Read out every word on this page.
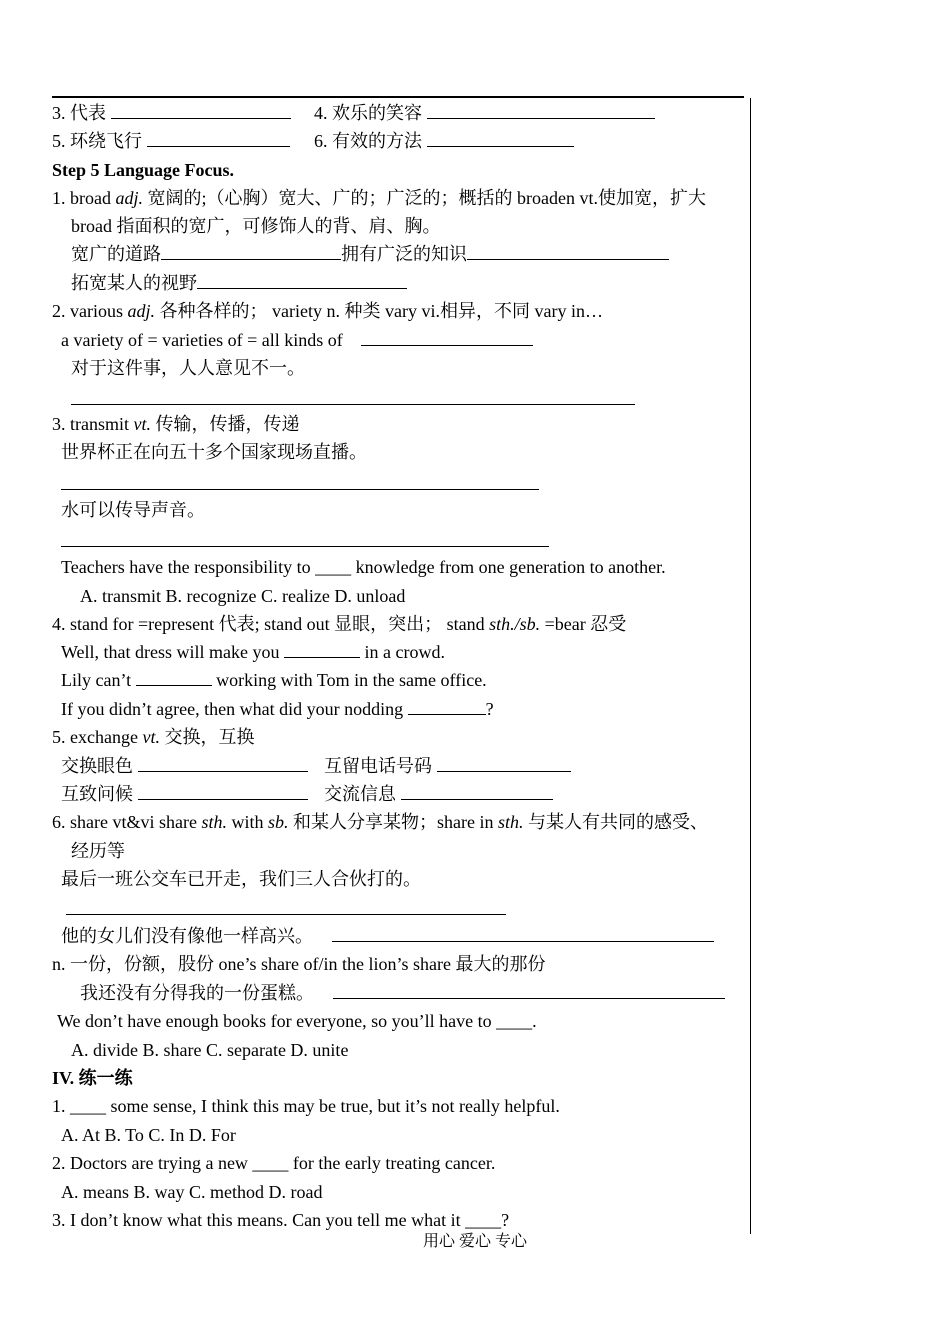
3. 代表	4. 欢乐的笑容
5. 环绕飞行	6. 有效的方法
Step 5 Language Focus.
1. broad adj. 宽阔的;（心胸）宽大、广的；广泛的；概括的 broaden vt.使加宽，扩大
broad 指面积的宽广，可修饰人的背、肩、胸。
宽广的道路	拥有广泛的知识
拓宽某人的视野
2. various adj. 各种各样的； variety n. 种类 vary vi.相异，不同 vary in…
a variety of = varieties of = all kinds of
对于这件事，人人意见不一。
3. transmit vt. 传输，传播，传递
世界杯正在向五十多个国家现场直播。
水可以传导声音。
Teachers have the responsibility to ____ knowledge from one generation to another.
A. transmit B. recognize C. realize D. unload
4. stand for =represent 代表; stand out 显眼，突出； stand sth./sb. =bear 忍受
Well, that dress will make you	in a crowd.
Lily can’t	working with Tom in the same office.
If you didn’t agree, then what did your nodding	?
5. exchange vt. 交换，互换
交换眼色	互留电话号码
互致问候	交流信息
6. share vt&vi share sth. with sb. 和某人分享某物；share in sth. 与某人有共同的感受、
经历等
最后一班公交车已开走，我们三人合伙打的。
他的女儿们没有像他一样高兴。
n. 一份，份额，股份 one’s share of/in the lion’s share 最大的那份
我还没有分得我的一份蛋糕。
We don’t have enough books for everyone, so you’ll have to ____.
A. divide B. share C. separate D. unite
IV. 练一练
1. ____ some sense, I think this may be true, but it’s not really helpful.
A. At B. To C. In D. For
2. Doctors are trying a new ____ for the early treating cancer.
A. means B. way C. method D. road
3. I don’t know what this means. Can you tell me what it ____?
用心 爱心 专心
